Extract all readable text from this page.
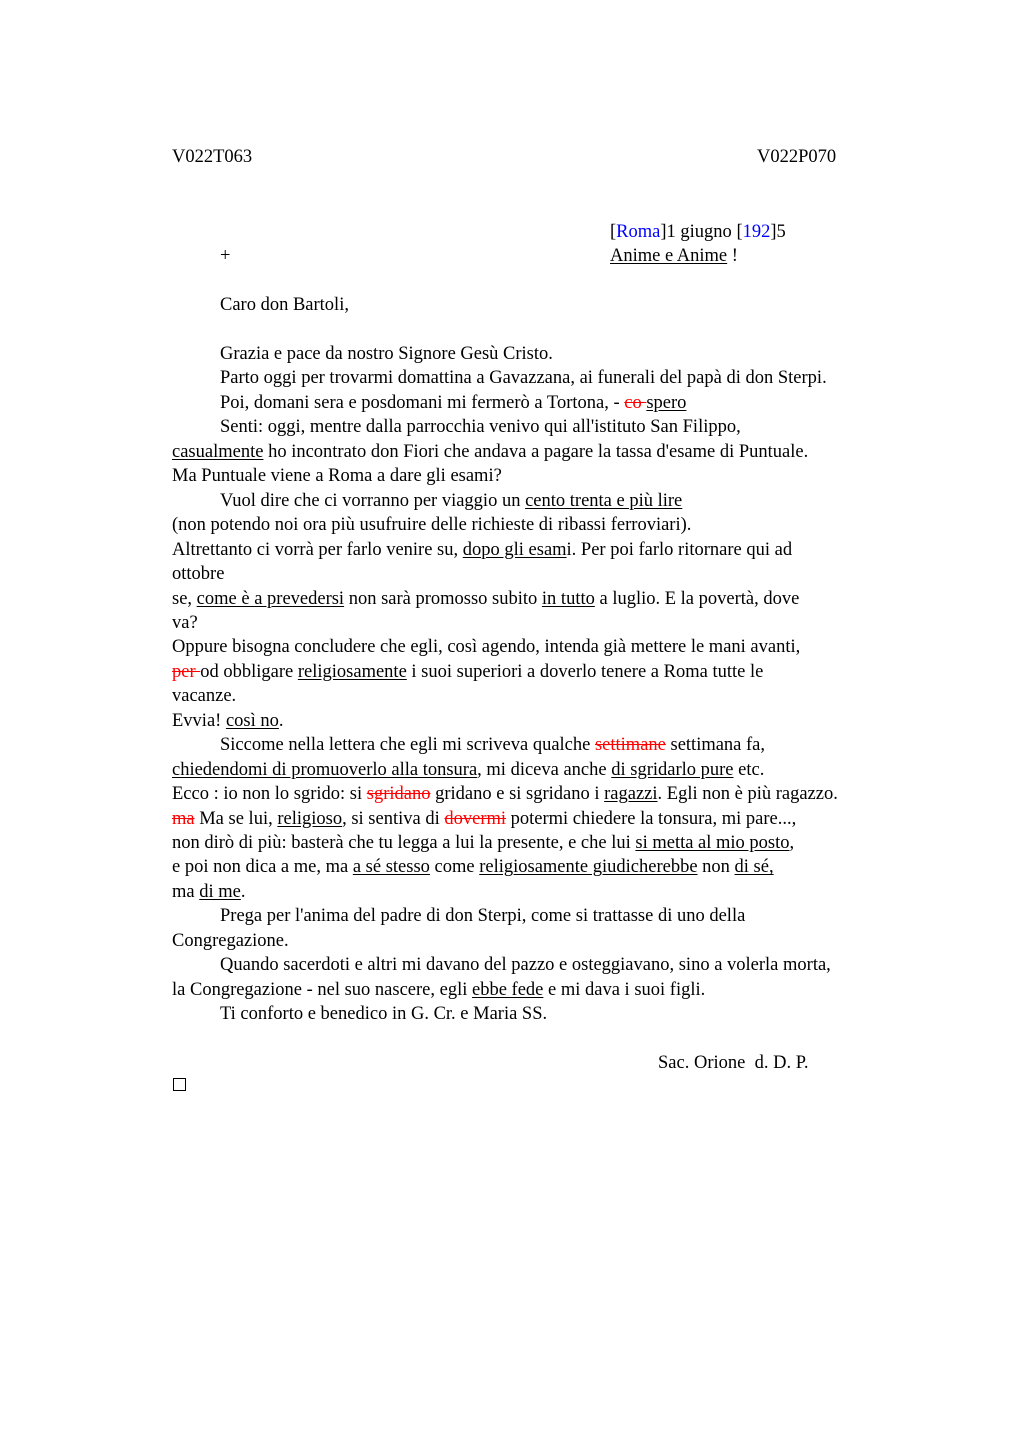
V022T063	V022P070
[Roma]1 giugno [192]5
+	Anime e Anime !
Caro don Bartoli,
Grazia e pace da nostro Signore Gesù Cristo.
Parto oggi per trovarmi domattina a Gavazzana, ai funerali del papà di don Sterpi.
Poi, domani sera e posdomani mi fermerò a Tortona, - co spero
Senti: oggi, mentre dalla parrocchia venivo qui all'istituto San Filippo,
casualmente ho incontrato don Fiori che andava a pagare la tassa d'esame di Puntuale.
Ma Puntuale viene a Roma a dare gli esami?
Vuol dire che ci vorranno per viaggio un cento trenta e più lire
(non potendo noi ora più usufruire delle richieste di ribassi ferroviari).
Altrettanto ci vorrà per farlo venire su, dopo gli esami. Per poi farlo ritornare qui ad
ottobre
se, come è a prevedersi non sarà promosso subito in tutto a luglio. E la povertà, dove
va?
Oppure bisogna concludere che egli, così agendo, intenda già mettere le mani avanti,
per od obbligare religiosamente i suoi superiori a doverlo tenere a Roma tutte le
vacanze.
Evvia! così no.
Siccome nella lettera che egli mi scriveva qualche settimane settimana fa,
chiedendomi di promuoverlo alla tonsura, mi diceva anche di sgridarlo pure etc.
Ecco : io non lo sgrido: si sgridano gridano e si sgridano i ragazzi. Egli non è più ragazzo.
ma Ma se lui, religioso, si sentiva di dovermi potermi chiedere la tonsura, mi pare...,
non dirò di più: basterà che tu legga a lui la presente, e che lui si metta al mio posto,
e poi non dica a me, ma a sé stesso come religiosamente giudicherebbe non di sé,
ma di me.
Prega per l'anima del padre di don Sterpi, come si trattasse di uno della
Congregazione.
Quando sacerdoti e altri mi davano del pazzo e osteggiavano, sino a volerla morta,
la Congregazione - nel suo nascere, egli ebbe fede e mi dava i suoi figli.
Ti conforto e benedico in G. Cr. e Maria SS.
Sac. Orione  d. D. P.
